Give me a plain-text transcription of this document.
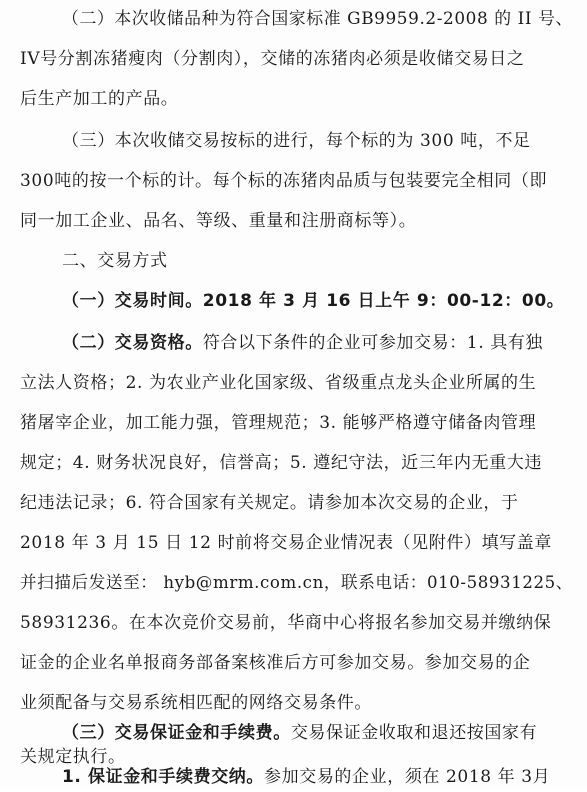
（二）本次收储品种为符合国家标准 GB9959.2-2008 的 II 号、
IV号分割冻猪瘦肉（分割肉），交储的冻猪肉必须是收储交易日之
后生产加工的产品。
（三）本次收储交易按标的进行，每个标的为 300 吨，不足
300吨的按一个标的计。每个标的冻猪肉品质与包装要完全相同（即
同一加工企业、品名、等级、重量和注册商标等）。
二、交易方式
（一）交易时间。2018 年 3 月 16 日上午 9：00-12：00。
（二）交易资格。符合以下条件的企业可参加交易：1. 具有独
立法人资格；2. 为农业产业化国家级、省级重点龙头企业所属的生
猪屠宰企业，加工能力强，管理规范；3. 能够严格遵守储备肉管理
规定；4. 财务状况良好，信誉高；5. 遵纪守法，近三年内无重大违
纪违法记录；6. 符合国家有关规定。请参加本次交易的企业，于
2018 年 3 月 15 日 12 时前将交易企业情况表（见附件）填写盖章
并扫描后发送至： hyb@mrm.com.cn，联系电话：010-58931225、
58931236。在本次竞价交易前，华商中心将报名参加交易并缴纳保
证金的企业名单报商务部备案核准后方可参加交易。参加交易的企
业须配备与交易系统相匹配的网络交易条件。
（三）交易保证金和手续费。交易保证金收取和退还按国家有
关规定执行。
1. 保证金和手续费交纳。参加交易的企业，须在 2018 年 3月
